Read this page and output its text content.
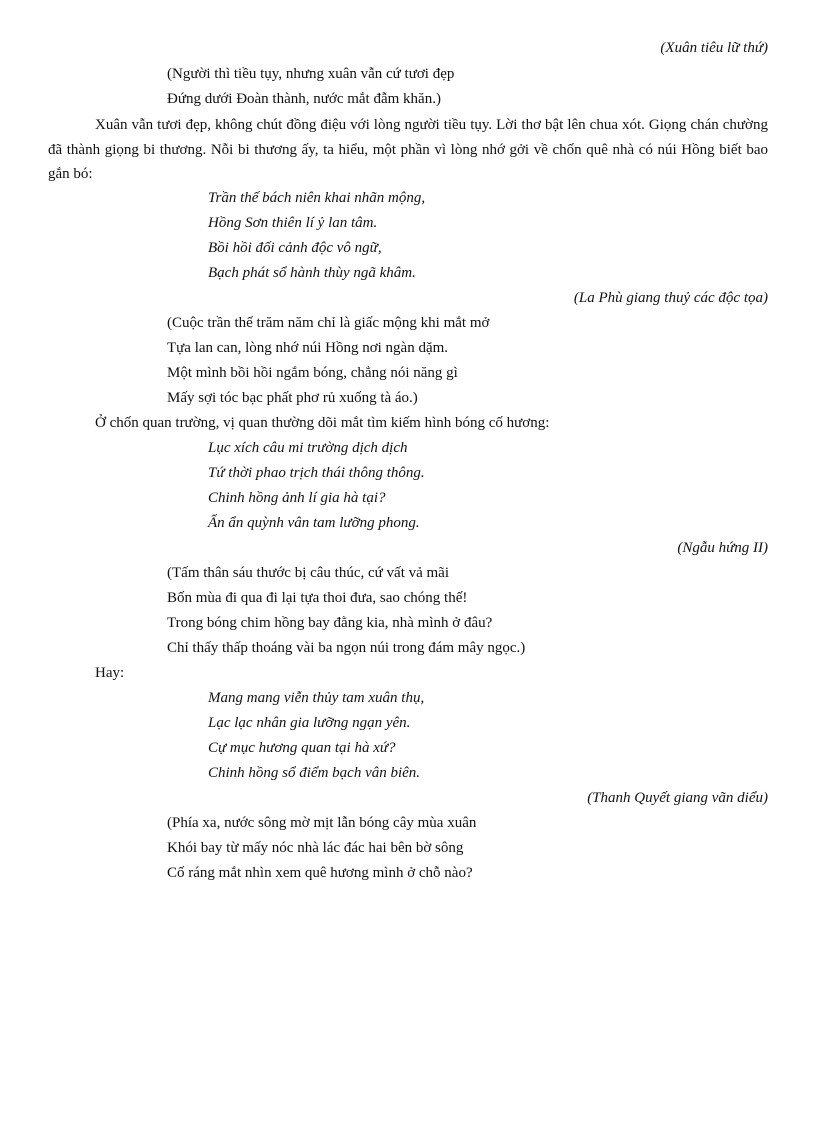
(Xuân tiêu lữ thứ)
(Người thì tiều tụy, nhưng xuân vẫn cứ tươi đẹp
Đứng dưới Đoàn thành, nước mắt đẫm khăn.)
Xuân vẫn tươi đẹp, không chút đồng điệu với lòng người tiều tụy. Lời thơ bật lên chua xót. Giọng chán chường đã thành giọng bi thương. Nỗi bi thương ấy, ta hiểu, một phần vì lòng nhớ gởi về chốn quê nhà có núi Hồng biết bao gắn bó:
Trần thế bách niên khai nhãn mộng,
Hồng Sơn thiên lí ỷ lan tâm.
Bồi hồi đối cảnh độc vô ngữ,
Bạch phát sổ hành thùy ngã khâm.
(La Phù giang thuỷ các độc tọa)
(Cuộc trần thế trăm năm chỉ là giấc mộng khi mắt mở
Tựa lan can, lòng nhớ núi Hồng nơi ngàn dặm.
Một mình bồi hồi ngắm bóng, chẳng nói năng gì
Mấy sợi tóc bạc phất phơ rủ xuống tà áo.)
Ở chốn quan trường, vị quan thường dõi mắt tìm kiếm hình bóng cố hương:
Lục xích câu mi trường dịch dịch
Tứ thời phao trịch thái thông thông.
Chinh hồng ảnh lí gia hà tại?
Ẩn ẩn quỳnh vân tam lưỡng phong.
(Ngẫu hứng II)
(Tấm thân sáu thước bị câu thúc, cứ vất vả mãi
Bốn mùa đi qua đi lại tựa thoi đưa, sao chóng thế!
Trong bóng chim hồng bay đằng kia, nhà mình ở đâu?
Chỉ thấy thấp thoáng vài ba ngọn núi trong đám mây ngọc.)
Hay:
Mang mang viễn thủy tam xuân thụ,
Lạc lạc nhân gia lưỡng ngạn yên.
Cự mục hương quan tại hà xứ?
Chinh hồng sổ điểm bạch vân biên.
(Thanh Quyết giang vãn diểu)
(Phía xa, nước sông mờ mịt lẫn bóng cây mùa xuân
Khói bay từ mấy nóc nhà lác đác hai bên bờ sông
Cố ráng mắt nhìn xem quê hương mình ở chỗ nào?
